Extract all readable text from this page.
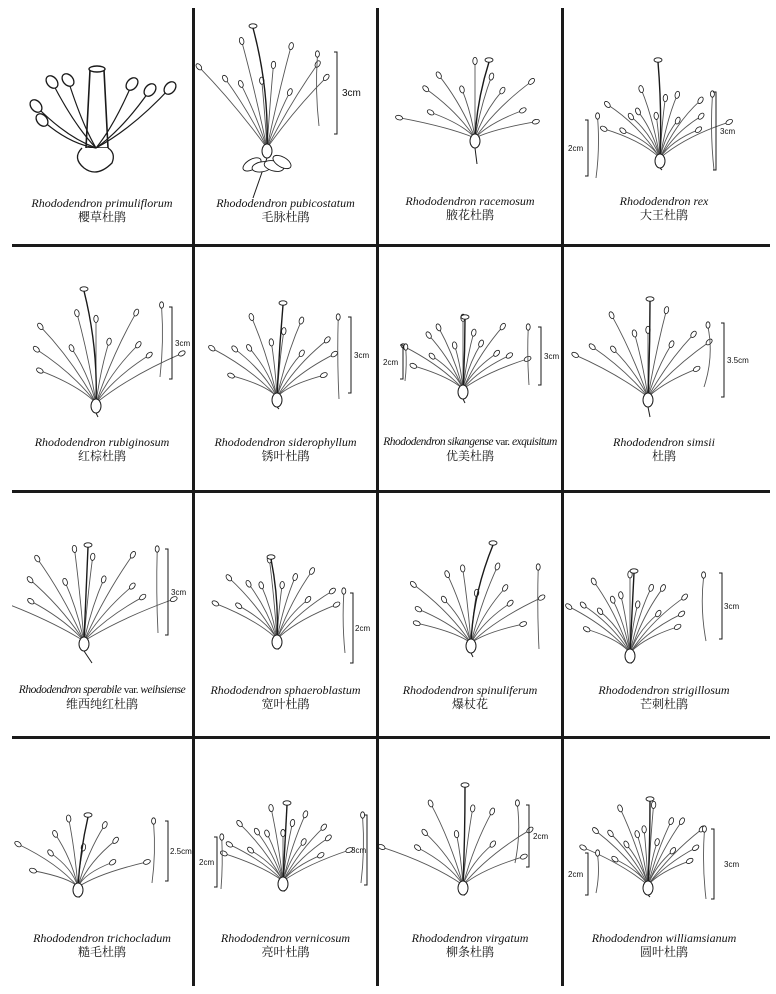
Rhododendron primuliflorum
櫻草杜鹃
3cm
Rhododendron pubicostatum
毛脉杜鹃
Rhododendron racemosum
腋花杜鹃
2cm
3cm
Rhododendron rex
大王杜鹃
3cm
Rhododendron rubiginosum
红棕杜鹃
3cm
Rhododendron siderophyllum
锈叶杜鹃
2cm
3cm
Rhododendron sikangense var. exquisitum
优美杜鹃
3.5cm
Rhododendron simsii
杜鹃
3cm
Rhododendron sperabile var. weihsiense
维西纯红杜鹃
2cm
Rhododendron sphaeroblastum
宽叶杜鹃
Rhododendron spinuliferum
爆杖花
3cm
Rhododendron strigillosum
芒刺杜鹃
2.5cm
Rhododendron trichocladum
糙毛杜鹃
2cm
3cm
Rhododendron vernicosum
亮叶杜鹃
2cm
Rhododendron virgatum
柳条杜鹃
2cm
3cm
Rhododendron williamsianum
圆叶杜鹃
